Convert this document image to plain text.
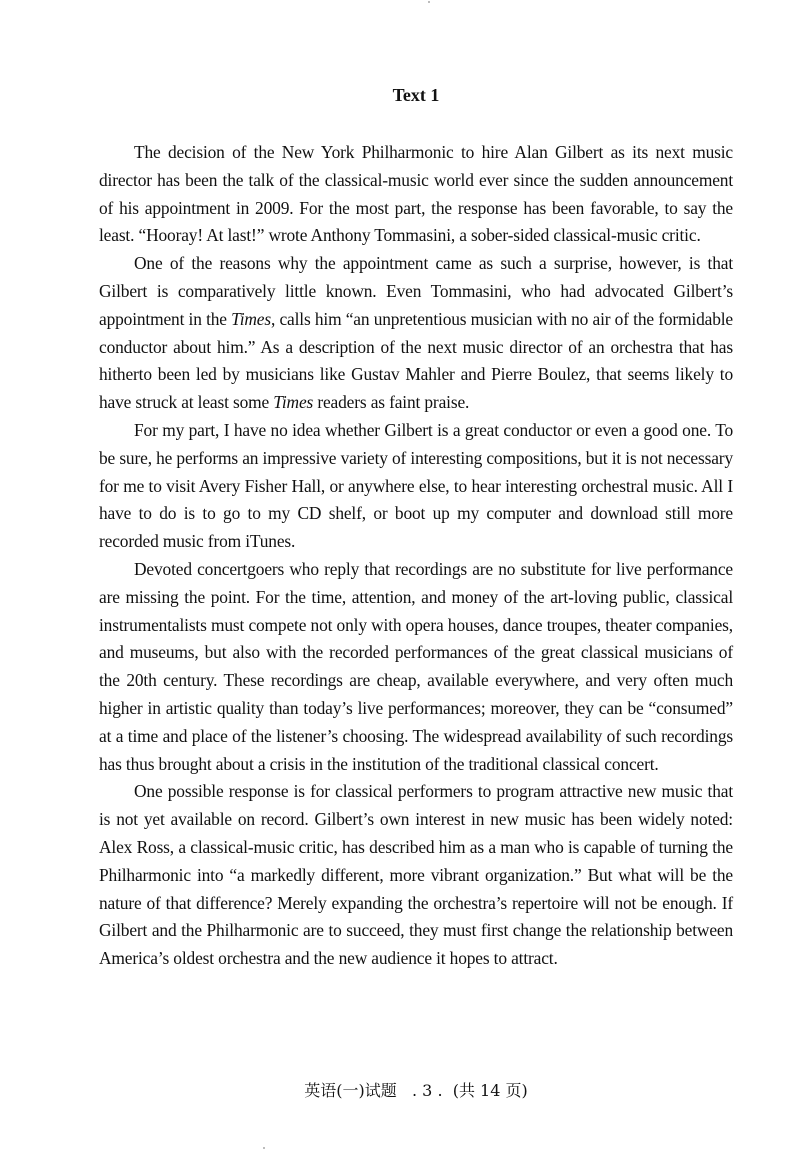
Text 1

The decision of the New York Philharmonic to hire Alan Gilbert as its next music director has been the talk of the classical-music world ever since the sudden announcement of his appointment in 2009. For the most part, the response has been favorable, to say the least. “Hooray! At last!” wrote Anthony Tommasini, a sober-sided classical-music critic.

One of the reasons why the appointment came as such a surprise, however, is that Gilbert is comparatively little known. Even Tommasini, who had advocated Gilbert’s appointment in the Times, calls him “an unpretentious musician with no air of the formidable conductor about him.” As a description of the next music director of an orchestra that has hitherto been led by musicians like Gustav Mahler and Pierre Boulez, that seems likely to have struck at least some Times readers as faint praise.

For my part, I have no idea whether Gilbert is a great conductor or even a good one. To be sure, he performs an impressive variety of interesting compositions, but it is not necessary for me to visit Avery Fisher Hall, or anywhere else, to hear interesting orchestral music. All I have to do is to go to my CD shelf, or boot up my computer and download still more recorded music from iTunes.

Devoted concertgoers who reply that recordings are no substitute for live performance are missing the point. For the time, attention, and money of the art-loving public, classical instrumentalists must compete not only with opera houses, dance troupes, theater companies, and museums, but also with the recorded performances of the great classical musicians of the 20th century. These recordings are cheap, available everywhere, and very often much higher in artistic quality than today’s live performances; moreover, they can be “consumed” at a time and place of the listener’s choosing. The widespread availability of such recordings has thus brought about a crisis in the institution of the traditional classical concert.

One possible response is for classical performers to program attractive new music that is not yet available on record. Gilbert’s own interest in new music has been widely noted: Alex Ross, a classical-music critic, has described him as a man who is capable of turning the Philharmonic into “a markedly different, more vibrant organization.” But what will be the nature of that difference? Merely expanding the orchestra’s repertoire will not be enough. If Gilbert and the Philharmonic are to succeed, they must first change the relationship between America’s oldest orchestra and the new audience it hopes to attract.

英语(一)试题   . 3 .  (共 14 页)
